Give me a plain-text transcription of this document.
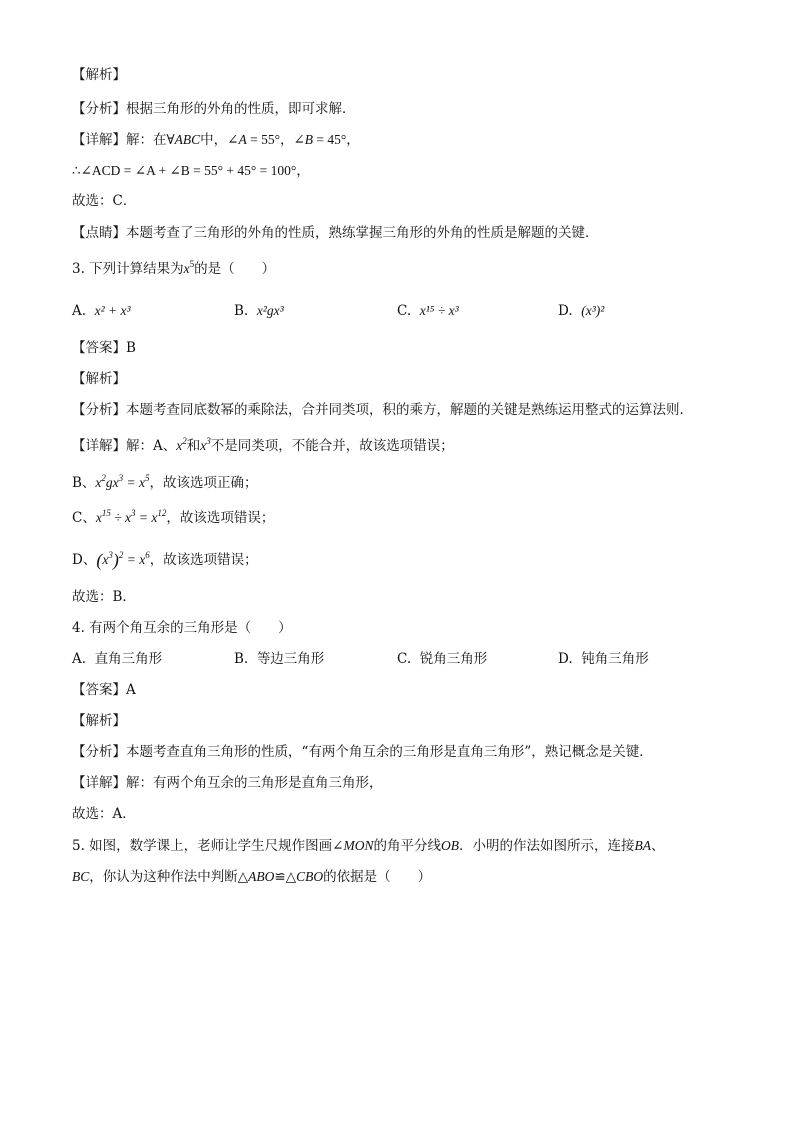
【解析】
【分析】根据三角形的外角的性质，即可求解．
【详解】解：在∀ABC中，∠A = 55°，∠B = 45°，
∴∠ACD = ∠A + ∠B = 55° + 45° = 100°，
故选：C．
【点睛】本题考查了三角形的外角的性质，熟练掌握三角形的外角的性质是解题的关键．
3. 下列计算结果为$x^5$的是（　　）
A. x² + x³	B. x²gx³	C. x¹⁵ ÷ x³	D. (x³)²
【答案】B
【解析】
【分析】本题考查同底数幂的乘除法，合并同类项，积的乘方，解题的关键是熟练运用整式的运算法则．
【详解】解：A、$x^2$和$x^3$不是同类项，不能合并，故该选项错误；
B、$x^2gx^3 = x^5$，故该选项正确；
C、$x^{15} \div x^3 = x^{12}$，故该选项错误；
D、$(x^3)^2 = x^6$，故该选项错误；
故选：B．
4. 有两个角互余的三角形是（　　）
A. 直角三角形	B. 等边三角形	C. 锐角三角形	D. 钝角三角形
【答案】A
【解析】
【分析】本题考查直角三角形的性质，“有两个角互余的三角形是直角三角形”，熟记概念是关键．
【详解】解：有两个角互余的三角形是直角三角形，
故选：A．
5. 如图，数学课上，老师让学生尺规作图画∠MON的角平分线OB．小明的作法如图所示，连接BA、
BC，你认为这种作法中判断△ABO≌△CBO的依据是（　　）
